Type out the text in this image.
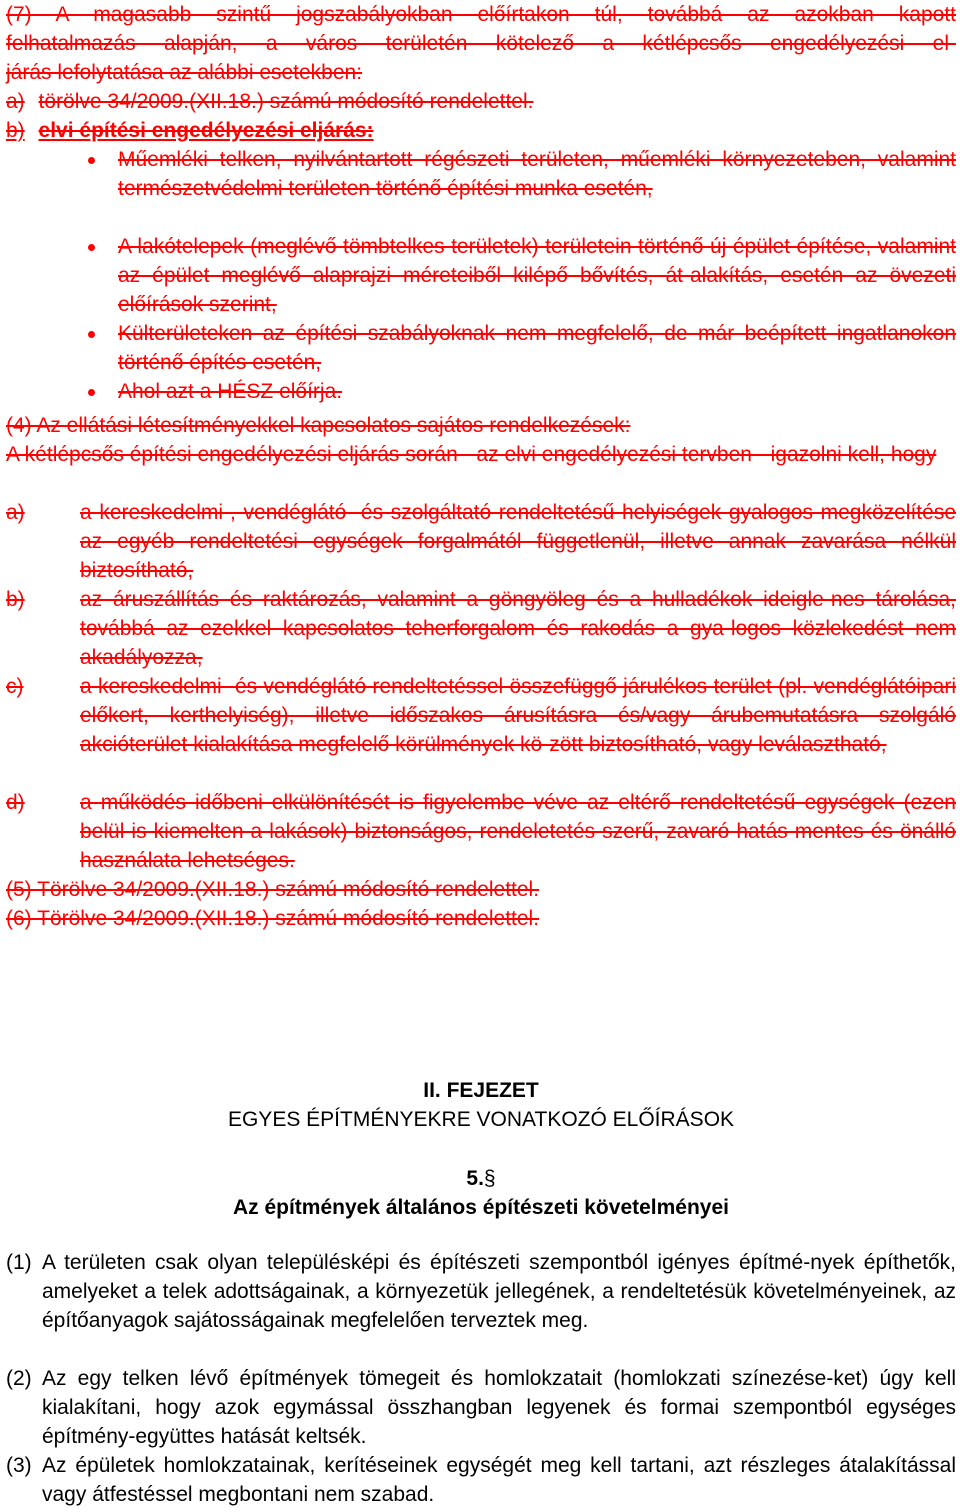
(7) A magasabb szintű jogszabályokban előírtakon túl, továbbá az azokban kapott
felhatalmazás alapján, a város területén kötelező a kétlépcsős engedélyezési el-
járás lefolytatása az alábbi esetekben:
a) törölve 34/2009.(XII.18.) számú módosító rendelettel.
b) elvi építési engedélyezési eljárás:
Műemléki telken, nyilvántartott régészeti területen, műemléki környezeteben, valamint természetvédelmi területen történő építési munka esetén,
A lakótelepek (meglévő tömbtelkes területek) területein történő új épület építése, valamint az épület meglévő alaprajzi méreteiből kilépő bővítés, át-alakítás, esetén az övezeti előírások szerint,
Külterületeken az építési szabályoknak nem megfelelő, de már beépített ingatlanokon történő építés esetén,
Ahol azt a HÉSZ előírja.
(4) Az ellátási létesítményekkel kapcsolatos sajátos rendelkezések:
A kétlépcsős építési engedélyezési eljárás során - az elvi engedélyezési tervben - igazolni kell, hogy
a)	a kereskedelmi-, vendéglátó- és szolgáltató rendeltetésű helyiségek gyalogos megközelítése az egyéb rendeltetési egységek forgalmától függetlenül, illetve annak zavarása nélkül biztosítható,
b)	az áruszállítás és raktározás, valamint a göngyöleg és a hulladékok ideigle-nes tárolása, továbbá az ezekkel kapcsolatos teherforgalom és rakodás a gya-logos közlekedést nem akadályozza,
c)	a kereskedelmi- és vendéglátó rendeltetéssel összefüggő járulékos terület (pl. vendéglátóipari előkert, kerthelyiség), illetve időszakos árusításra és/vagy árubemutatásra szolgáló akcióterület kialakítása megfelelő körülmények kö-zött biztosítható, vagy leválasztható,
d)	a működés időbeni elkülönítését is figyelembe véve az eltérő rendeltetésű egységek (ezen belül is kiemelten a lakások) biztonságos, rendeletetés-szerű, zavaró hatás mentes és önálló használata lehetséges.
(5) Törölve 34/2009.(XII.18.) számú módosító rendelettel.
(6) Törölve 34/2009.(XII.18.) számú módosító rendelettel.
II. FEJEZET
EGYES ÉPÍTMÉNYEKRE VONATKOZÓ ELŐÍRÁSOK
5.§
Az építmények általános építészeti követelményei
(1) A területen csak olyan településképi és építészeti szempontból igényes építmé-nyek építhetők, amelyeket a telek adottságainak, a környezetük jellegének, a rendeltetésük követelményeinek, az építőanyagok sajátosságainak megfelelően terveztek meg.
(2) Az egy telken lévő építmények tömegeit és homlokzatait (homlokzati színezése-ket) úgy kell kialakítani, hogy azok egymással összhangban legyenek és formai szempontból egységes építmény-együttes hatását keltsék.
(3) Az épületek homlokzatainak, kerítéseinek egységét meg kell tartani, azt részleges átalakítással vagy átfestéssel megbontani nem szabad.
